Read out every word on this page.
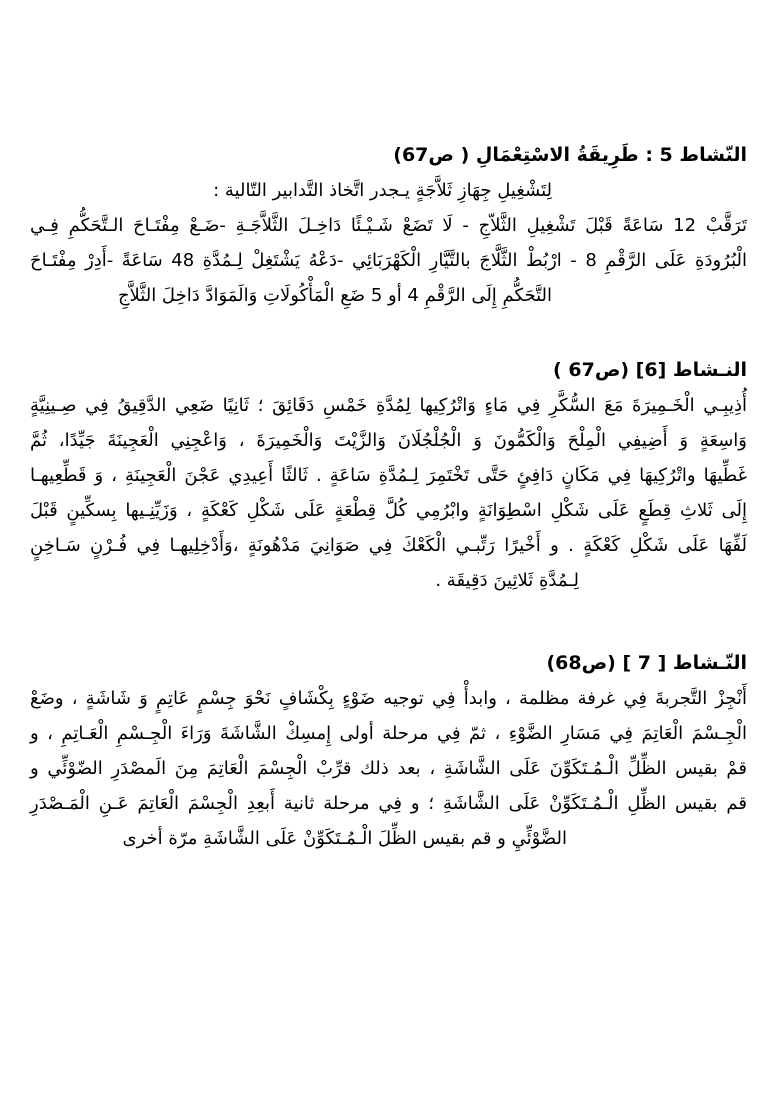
النّشاط 5 : طَرِيقَةُ الاسْتِعْمَالِ ( ص67)
لِتَشْغِيلِ جِهَازِ ثَلاَّجَةٍ يـجدر اتَّخاذ التَّدابير التّالية :
تَرَقَّبْ 12 سَاعَةً قَبْلَ تَشْغِيلِ الثَّلاّجِ - لَا تَضَعْ شَـيْـئًا دَاخِـلَ الثَّلاَّجَـةِ -ضَـعْ مِفْتَـاحَ الـتَّحَكُّمِ فِـي
الْبُرُودَةِ عَلَى الرَّقْمِ 8 - ارْبُطْ الثَّلَّاجَ بالتَّيَّارِ الْكَهْرَبَائِي -دَعْهُ يَشْتَغِلْ لِـمُدَّةِ 48 سَاعَةً -أَدِرْ مِفْتَـاحَ
التَّحَكُّمِ إِلَى الرَّقْمِ 4 أو 5 ضَعِ الْمَأْكُولَاتِ وَالَمَوَادَّ دَاخِلَ الثَّلاَّجِ
النـشاط [6] (ص67 )
أُذِيبِـي الْخَـمِيرَةَ مَعَ السُّكَّرِ فِي مَاءٍ وَاتْرُكِيها لِمُدَّةِ خَمْسِ دَقَائِقَ ؛ ثَانِيًا ضَعِي الدَّقِيقُ فِي صِـينِيَّةٍ
وَاسِعَةٍ وَ أَضِيفِي الْمِلْحَ وَالْكَمُّونَ وَ الْجُلْجُلَانَ وَالزَّيْتَ وَالْخَمِيرَةَ ، وَاعْجِنِي الْعَجِينَةَ جَيِّدًا، ثُمَّ
غَطِّيهَا واتْرُكِيهَا فِي مَكَانٍ دَافِئٍ حَتَّى تَخْتَمِرَ لِـمُدَّةِ سَاعَةٍ . ثَالثًا أَعِيدِي عَجْنَ الْعَجِينَةِ ، وَ قَطِّعِيهـا
إِلَى ثَلاثِ قِطَعٍ عَلَى شَكْلِ اسْطِوَانَةٍ وابْرُمِي كُلَّ قِطْعَةٍ عَلَى شَكْلِ كَعْكَةٍ ، وَزَيِّنِـيها بِسكِّينٍ قَبْلَ
لَفِّهَا عَلَى شَكْلِ كَعْكَةٍ . و أَخْيرًا رَتِّبـي الْكَعْكَ فِي صَوَانِيَ مَدْهُونَةٍ ،وَأَدْخِلِيهـا فِي فُـرْنٍ سَـاخِنٍ
لِـمُدَّةِ ثَلاثِينَ دَقِيقَة .
النّـشاط [ 7 ] (ص68)
أَنْجِزْ التَّجربةَ فِي غرفة مظلمة ، وابدأْ فِي توجيه ضَوْءٍ بِكْشَافٍ نَحْوَ جِسْمٍ عَاتِمٍ وَ شَاشَةٍ ، وضَعْ
الْجِـسْمَ الْعَاتِمَ فِي مَسَارِ الضَّوْءِ ، ثمّ فِي مرحلة أولى إِمسِكْ الشَّاشَةَ وَرَاءَ الْجِـسْمِ الْعَـاتِمِ ، و
قمْ بقيس الظِّلِّ الْـمُـتَكَوِّنَ عَلَى الشَّاشَةِ ، بعد ذلك قرِّبْ الْجِسْمَ الْعَاتِمَ مِنَ الَمصْدَرِ الضّوْئِّي و
قم بقيس الظِّلِ الْـمُـتَكَوِّنْ عَلَى الشَّاشَةِ ؛ و فِي مرحلة ثانية أَبعِدِ الْجِسْمَ الْعَاتِمَ عَـنِ الْمَـصْدَرِ
الضَّوْئِّيِ و قم بقيس الظِّلَ الْـمُـتَكَوِّنْ عَلَى الشَّاشَةِ مرّة أخرى
